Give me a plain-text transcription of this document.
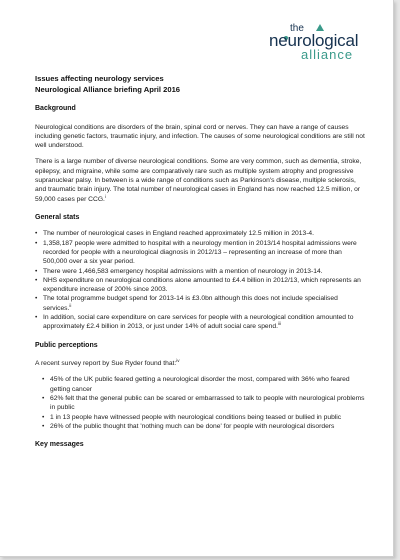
the
neurological
alliance
Issues affecting neurology services
Neurological Alliance briefing April 2016
Background

Neurological conditions are disorders of the brain, spinal cord or nerves. They can have a range of causes including genetic factors, traumatic injury, and infection. The causes of some neurological conditions are still not well understood.

There is a large number of diverse neurological conditions. Some are very common, such as dementia, stroke, epilepsy, and migraine, while some are comparatively rare such as multiple system atrophy and progressive supranuclear palsy. In between is a wide range of conditions such as Parkinson's disease, multiple sclerosis, and traumatic brain injury. The total number of neurological cases in England has now reached 12.5 million, or 59,000 cases per CCG.$^i$

General stats
• The number of neurological cases in England reached approximately 12.5 million in 2013-4.
• 1,358,187 people were admitted to hospital with a neurology mention in 2013/14 hospital admissions were recorded for people with a neurological diagnosis in 2012/13 – representing an increase of more than 500,000 over a six year period.
• There were 1,466,583 emergency hospital admissions with a mention of neurology in 2013-14.
• NHS expenditure on neurological conditions alone amounted to £4.4 billion in 2012/13, which represents an expenditure increase of 200% since 2003.
• The total programme budget spend for 2013-14 is £3.0bn although this does not include specialised services.$^{ii}$
• In addition, social care expenditure on care services for people with a neurological condition amounted to approximately £2.4 billion in 2013, or just under 14% of adult social care spend.$^{iii}$
Public perceptions

A recent survey report by Sue Ryder found that:$^{iv}$

• 45% of the UK public feared getting a neurological disorder the most, compared with 36% who feared getting cancer
• 62% felt that the general public can be scared or embarrassed to talk to people with neurological problems in public
• 1 in 13 people have witnessed people with neurological conditions being teased or bullied in public
• 26% of the public thought that 'nothing much can be done' for people with neurological disorders
Key messages
